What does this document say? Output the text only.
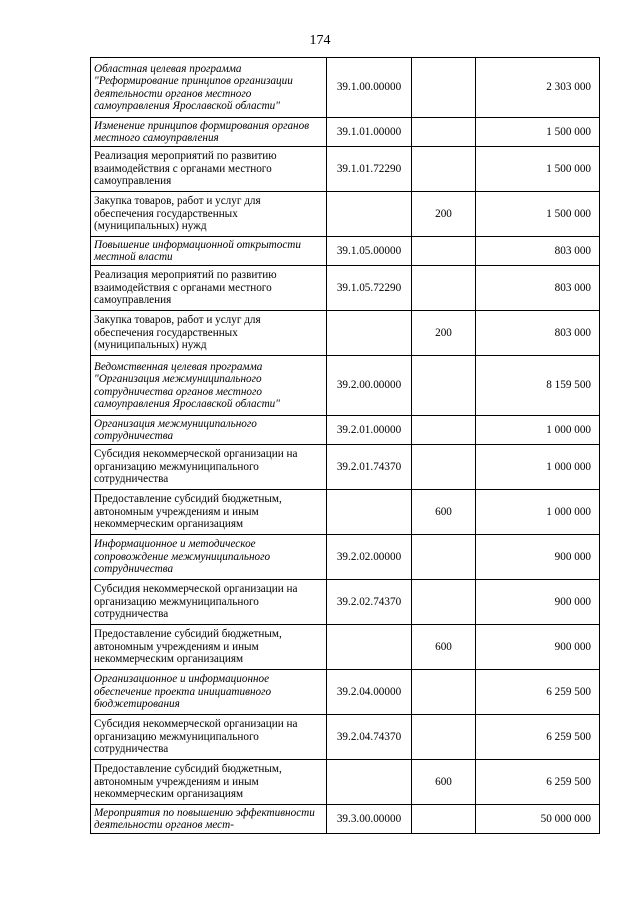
174
Областная целевая программа "Реформирование принципов организации деятельности органов местного самоуправления Ярославской области"	39.1.00.00000		2 303 000
Изменение принципов формирования органов местного самоуправления	39.1.01.00000		1 500 000
Реализация мероприятий по развитию взаимодействия с органами местного самоуправления	39.1.01.72290		1 500 000
Закупка товаров, работ и услуг для обеспечения государственных (муниципальных) нужд		200	1 500 000
Повышение информационной открытости местной власти	39.1.05.00000		803 000
Реализация мероприятий по развитию взаимодействия с органами местного самоуправления	39.1.05.72290		803 000
Закупка товаров, работ и услуг для обеспечения государственных (муниципальных) нужд		200	803 000
Ведомственная целевая программа "Организация межмуниципального сотрудничества органов местного самоуправления Ярославской области"	39.2.00.00000		8 159 500
Организация межмуниципального сотрудничества	39.2.01.00000		1 000 000
Субсидия некоммерческой организации на организацию межмуниципального сотрудничества	39.2.01.74370		1 000 000
Предоставление субсидий бюджетным, автономным учреждениям и иным некоммерческим организациям		600	1 000 000
Информационное и методическое сопровождение межмуниципального сотрудничества	39.2.02.00000		900 000
Субсидия некоммерческой организации на организацию межмуниципального сотрудничества	39.2.02.74370		900 000
Предоставление субсидий бюджетным, автономным учреждениям и иным некоммерческим организациям		600	900 000
Организационное и информационное обеспечение проекта инициативного бюджетирования	39.2.04.00000		6 259 500
Субсидия некоммерческой организации на организацию межмуниципального сотрудничества	39.2.04.74370		6 259 500
Предоставление субсидий бюджетным, автономным учреждениям и иным некоммерческим организациям		600	6 259 500
Мероприятия по повышению эффективности деятельности органов мест-	39.3.00.00000		50 000 000
